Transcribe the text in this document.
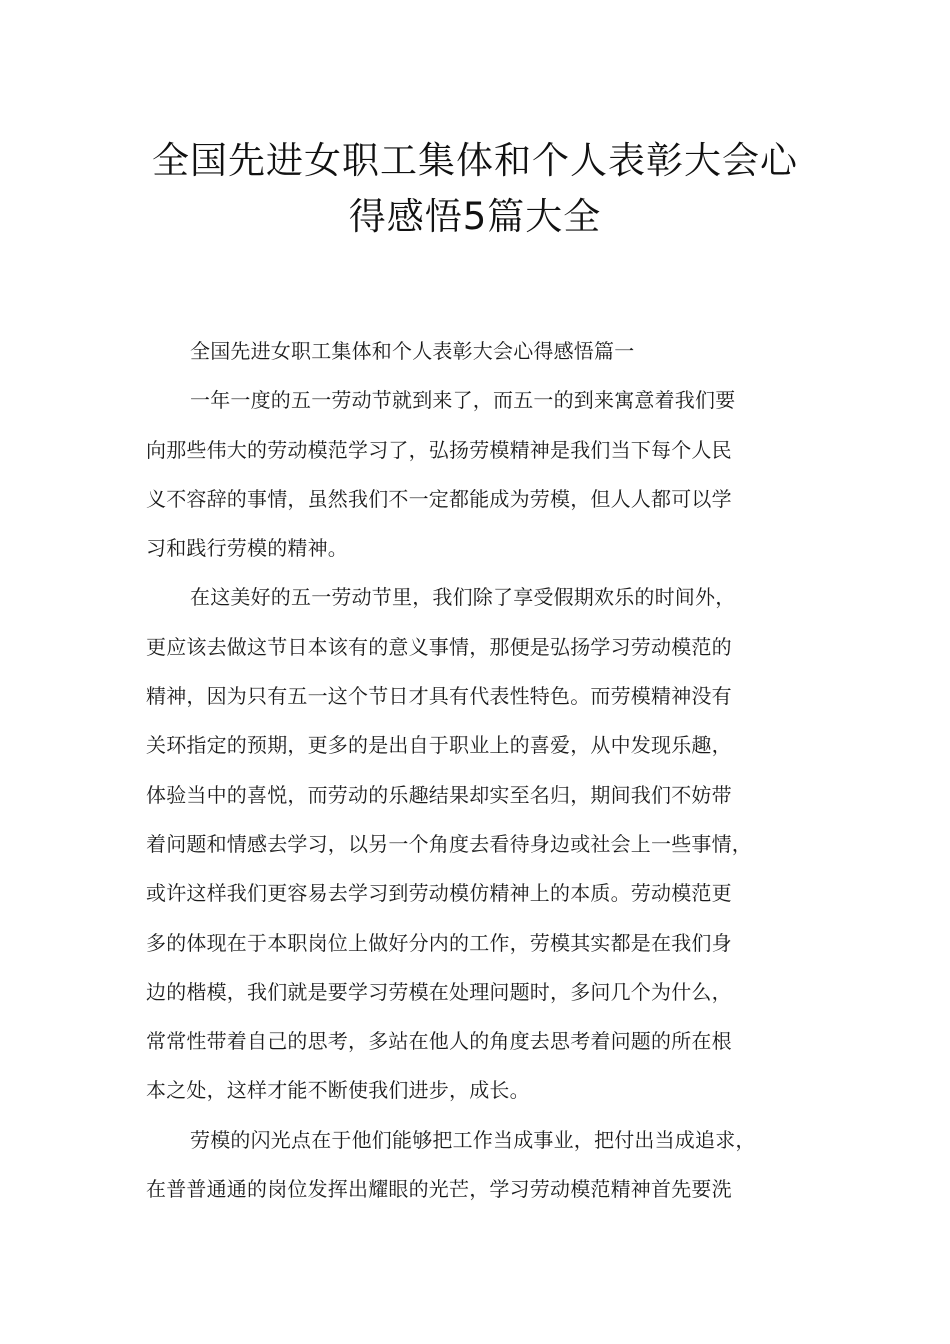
全国先进女职工集体和个人表彰大会心
得感悟5篇大全
全国先进女职工集体和个人表彰大会心得感悟篇一
一年一度的五一劳动节就到来了，而五一的到来寓意着我们要
向那些伟大的劳动模范学习了，弘扬劳模精神是我们当下每个人民
义不容辞的事情，虽然我们不一定都能成为劳模，但人人都可以学
习和践行劳模的精神。
在这美好的五一劳动节里，我们除了享受假期欢乐的时间外，
更应该去做这节日本该有的意义事情，那便是弘扬学习劳动模范的
精神，因为只有五一这个节日才具有代表性特色。而劳模精神没有
关环指定的预期，更多的是出自于职业上的喜爱，从中发现乐趣，
体验当中的喜悦，而劳动的乐趣结果却实至名归，期间我们不妨带
着问题和情感去学习，以另一个角度去看待身边或社会上一些事情，
或许这样我们更容易去学习到劳动模仿精神上的本质。劳动模范更
多的体现在于本职岗位上做好分内的工作，劳模其实都是在我们身
边的楷模，我们就是要学习劳模在处理问题时，多问几个为什么，
常常性带着自己的思考，多站在他人的角度去思考着问题的所在根
本之处，这样才能不断使我们进步，成长。
劳模的闪光点在于他们能够把工作当成事业，把付出当成追求，
在普普通通的岗位发挥出耀眼的光芒，学习劳动模范精神首先要洗
